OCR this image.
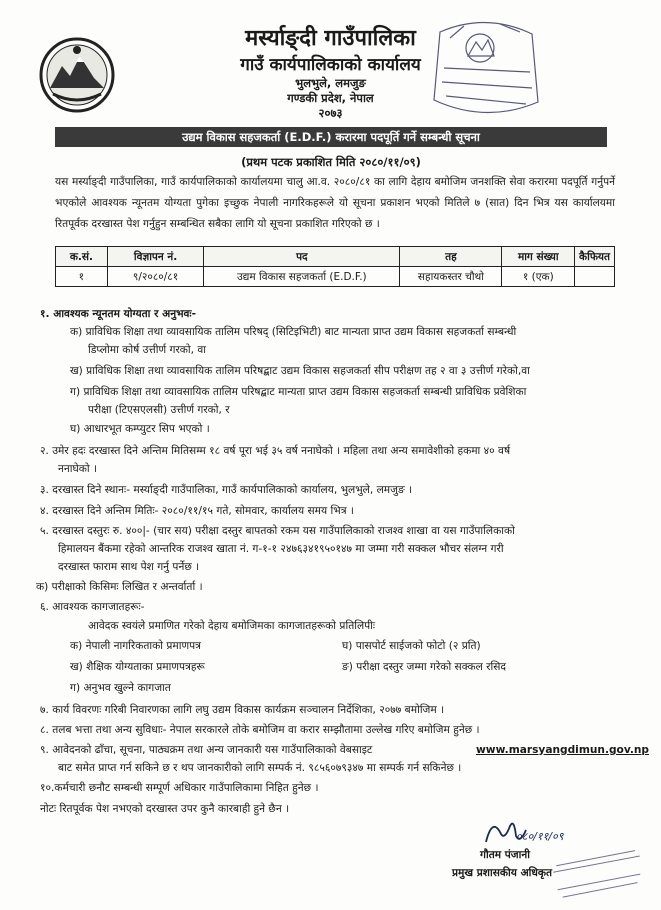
मर्स्याङ्दी गाउँपालिका
गाउँ कार्यपालिकाको कार्यालय
भुलभुले, लमजुङ
गण्डकी प्रदेश, नेपाल
२०७३
उद्यम विकास सहजकर्ता (E.D.F.) करारमा पदपूर्ति गर्ने सम्बन्धी सूचना
(प्रथम पटक प्रकाशित मिति २०८०/११/०९)
यस मर्स्याङ्दी गाउँपालिका, गाउँ कार्यपालिकाको कार्यालयमा चालु आ.व. २०८०/८१ का लागि देहाय बमोजिम जनशक्ति सेवा करारमा पदपूर्ति गर्नुपर्ने भएकोले आवश्यक न्यूनतम योग्यता पुगेका इच्छुक नेपाली नागरिकहरूले यो सूचना प्रकाशन भएको मितिले ७ (सात) दिन भित्र यस कार्यालयमा रितपूर्वक दरखास्त पेश गर्नुहुन सम्बन्धित सबैका लागि यो सूचना प्रकाशित गरिएको छ ।
क.सं.	विज्ञापन नं.	पद	तह	माग संख्या	कैफियत
१	९/२०८०/८१	उद्यम विकास सहजकर्ता (E.D.F.)	सहायकस्तर चौथो	१ (एक)	
१. आवश्यक न्यूनतम योग्यता र अनुभवः-
क) प्राविधिक शिक्षा तथा व्यावसायिक तालिम परिषद् (सिटिइभिटी) बाट मान्यता प्राप्त उद्यम विकास सहजकर्ता सम्बन्धी
डिप्लोमा कोर्ष उत्तीर्ण गरको, वा
ख) प्राविधिक शिक्षा तथा व्यावसायिक तालिम परिषद्बाट उद्यम विकास सहजकर्ता सीप परीक्षण तह २ वा ३ उत्तीर्ण गरेको,वा
ग) प्राविधिक शिक्षा तथा व्यावसायिक तालिम परिषद्बाट मान्यता प्राप्त उद्यम विकास सहजकर्ता सम्बन्धी प्राविधिक प्रवेशिका
परीक्षा (टिएसएलसी) उत्तीर्ण गरको, र
घ) आधारभूत कम्प्युटर सिप भएको ।
२. उमेर हदः दरखास्त दिने अन्तिम मितिसम्म १८ वर्ष पूरा भई ३५ वर्ष ननाघेको । महिला तथा अन्य समावेशीको हकमा ४० वर्ष
ननाघेको ।
३. दरखास्त दिने स्थानः- मर्स्याङ्दी गाउँपालिका, गाउँ कार्यपालिकाको कार्यालय, भुलभुले, लमजुङ ।
४. दरखास्त दिने अन्तिम मितिः- २०८०/११/१५ गते, सोमवार, कार्यालय समय भित्र ।
५. दरखास्त दस्तुरः रु. ४००|- (चार सय) परीक्षा दस्तुर बापतको रकम यस गाउँपालिकाको राजश्व शाखा वा यस गाउँपालिकाको
हिमालयन बैंकमा रहेको आन्तरिक राजश्व खाता नं. ग-१-१ २४७६३४१९५०१४७ मा जम्मा गरी सक्कल भौचर संलग्न गरी
दरखास्त फाराम साथ पेश गर्नु पर्नेछ ।
क) परीक्षाको किसिमः लिखित र अन्तर्वार्ता ।
६. आवश्यक कागजातहरूः-
आवेदक स्वयंले प्रमाणित गरेको देहाय बमोजिमका कागजातहरूको प्रतिलिपीः
क) नेपाली नागरिकताको प्रमाणपत्र	घ) पासपोर्ट साईजको फोटो (२ प्रति)
ख) शैक्षिक योग्यताका प्रमाणपत्रहरू	ङ) परीक्षा दस्तुर जम्मा गरेको सक्कल रसिद
ग) अनुभव खुल्ने कागजात
७. कार्य विवरणः गरिबी निवारणका लागि लघु उद्यम विकास कार्यक्रम सञ्चालन निर्देशिका, २०७७ बमोजिम ।
८. तलब भत्ता तथा अन्य सुविधाः- नेपाल सरकारले तोके बमोजिम वा करार सम्झौतामा उल्लेख गरिए बमोजिम हुनेछ ।
९. आवेदनको ढाँचा, सूचना, पाठ्यक्रम तथा अन्य जानकारी यस गाउँपालिकाको वेबसाइट	www.marsyangdimun.gov.np
बाट समेत प्राप्त गर्न सकिने छ र थप जानकारीको लागि सम्पर्क नं. ९८५६०७९३४७ मा सम्पर्क गर्न सकिनेछ ।
१०.कर्मचारी छनौट सम्बन्धी सम्पूर्ण अधिकार गाउँपालिकामा निहित हुनेछ ।
नोटः रितपूर्वक पेश नभएको दरखास्त उपर कुनै कारबाही हुने छैन ।
०८०/११/०९
गौतम पंजानी
प्रमुख प्रशासकीय अधिकृत
